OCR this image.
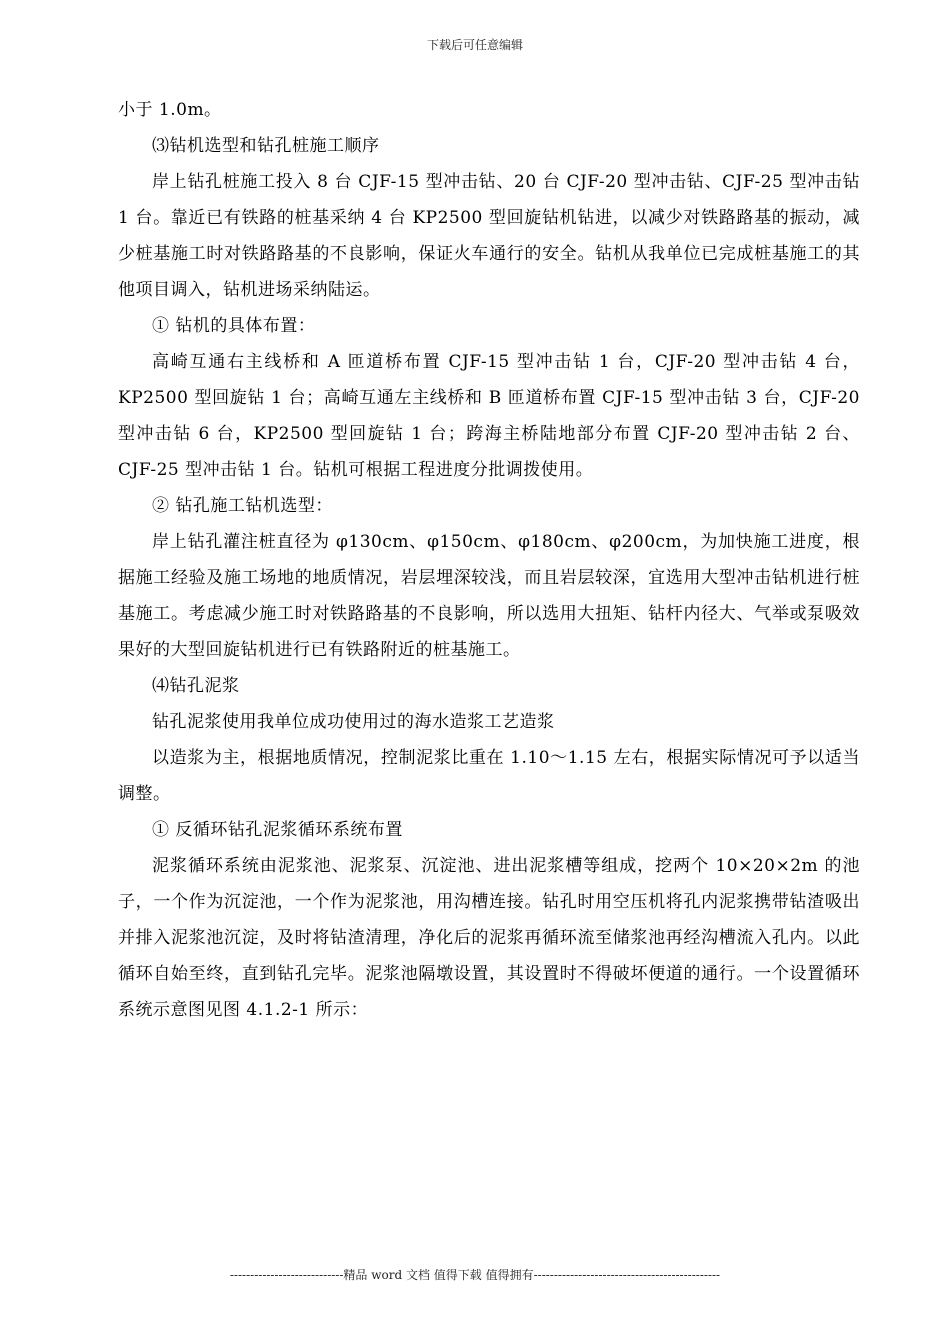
下载后可任意编辑

小于 1.0m。

⑶钻机选型和钻孔桩施工顺序

岸上钻孔桩施工投入 8 台 CJF-15 型冲击钻、20 台 CJF-20 型冲击钻、CJF-25 型冲击钻 1 台。靠近已有铁路的桩基采纳 4 台 KP2500 型回旋钻机钻进，以减少对铁路路基的振动，减少桩基施工时对铁路路基的不良影响，保证火车通行的安全。钻机从我单位已完成桩基施工的其他项目调入，钻机进场采纳陆运。

① 钻机的具体布置：

高崎互通右主线桥和 A 匝道桥布置 CJF-15 型冲击钻 1 台，CJF-20 型冲击钻 4 台，KP2500 型回旋钻 1 台；高崎互通左主线桥和 B 匝道桥布置 CJF-15 型冲击钻 3 台，CJF-20 型冲击钻 6 台，KP2500 型回旋钻 1 台；跨海主桥陆地部分布置 CJF-20 型冲击钻 2 台、CJF-25 型冲击钻 1 台。钻机可根据工程进度分批调拨使用。

② 钻孔施工钻机选型：

岸上钻孔灌注桩直径为 φ130cm、φ150cm、φ180cm、φ200cm，为加快施工进度，根据施工经验及施工场地的地质情况，岩层埋深较浅，而且岩层较深，宜选用大型冲击钻机进行桩基施工。考虑减少施工时对铁路路基的不良影响，所以选用大扭矩、钻杆内径大、气举或泵吸效果好的大型回旋钻机进行已有铁路附近的桩基施工。

⑷钻孔泥浆

钻孔泥浆使用我单位成功使用过的海水造浆工艺造浆

以造浆为主，根据地质情况，控制泥浆比重在 1.10～1.15 左右，根据实际情况可予以适当调整。

① 反循环钻孔泥浆循环系统布置

泥浆循环系统由泥浆池、泥浆泵、沉淀池、进出泥浆槽等组成，挖两个 10×20×2m 的池子，一个作为沉淀池，一个作为泥浆池，用沟槽连接。钻孔时用空压机将孔内泥浆携带钻渣吸出并排入泥浆池沉淀，及时将钻渣清理，净化后的泥浆再循环流至储浆池再经沟槽流入孔内。以此循环自始至终，直到钻孔完毕。泥浆池隔墩设置，其设置时不得破坏便道的通行。一个设置循环系统示意图见图 4.1.2-1 所示：

----------------------------精品 word 文档 值得下载 值得拥有----------------------------------------------
